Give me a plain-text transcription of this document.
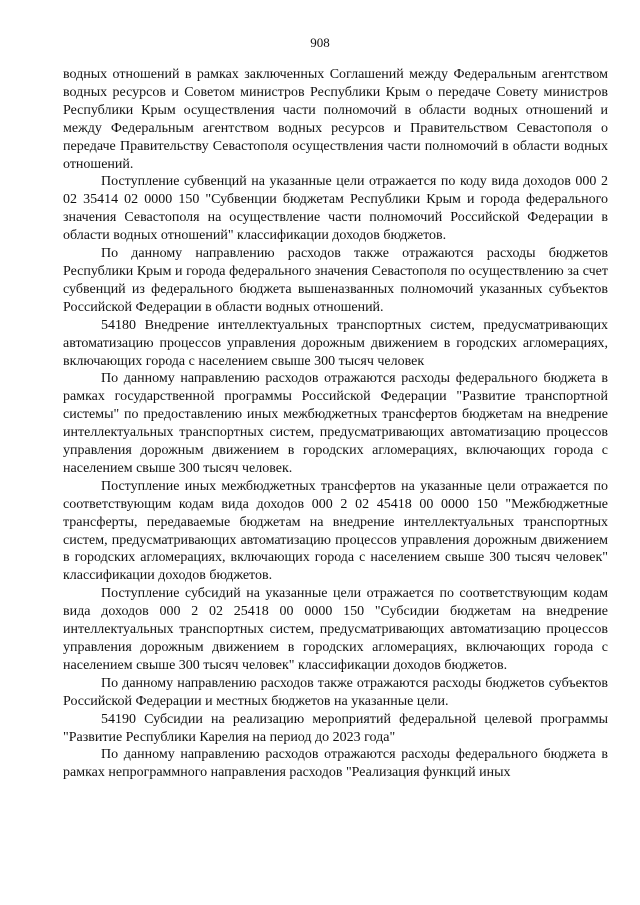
908

водных отношений в рамках заключенных Соглашений между Федеральным агентством водных ресурсов и Советом министров Республики Крым о передаче Совету министров Республики Крым осуществления части полномочий в области водных отношений и между Федеральным агентством водных ресурсов и Правительством Севастополя о передаче Правительству Севастополя осуществления части полномочий в области водных отношений.

Поступление субвенций на указанные цели отражается по коду вида доходов 000 2 02 35414 02 0000 150 "Субвенции бюджетам Республики Крым и города федерального значения Севастополя на осуществление части полномочий Российской Федерации в области водных отношений" классификации доходов бюджетов.

По данному направлению расходов также отражаются расходы бюджетов Республики Крым и города федерального значения Севастополя по осуществлению за счет субвенций из федерального бюджета вышеназванных полномочий указанных субъектов Российской Федерации в области водных отношений.

54180 Внедрение интеллектуальных транспортных систем, предусматривающих автоматизацию процессов управления дорожным движением в городских агломерациях, включающих города с населением свыше 300 тысяч человек

По данному направлению расходов отражаются расходы федерального бюджета в рамках государственной программы Российской Федерации "Развитие транспортной системы" по предоставлению иных межбюджетных трансфертов бюджетам на внедрение интеллектуальных транспортных систем, предусматривающих автоматизацию процессов управления дорожным движением в городских агломерациях, включающих города с населением свыше 300 тысяч человек.

Поступление иных межбюджетных трансфертов на указанные цели отражается по соответствующим кодам вида доходов 000 2 02 45418 00 0000 150 "Межбюджетные трансферты, передаваемые бюджетам на внедрение интеллектуальных транспортных систем, предусматривающих автоматизацию процессов управления дорожным движением в городских агломерациях, включающих города с населением свыше 300 тысяч человек" классификации доходов бюджетов.

Поступление субсидий на указанные цели отражается по соответствующим кодам вида доходов 000 2 02 25418 00 0000 150 "Субсидии бюджетам на внедрение интеллектуальных транспортных систем, предусматривающих автоматизацию процессов управления дорожным движением в городских агломерациях, включающих города с населением свыше 300 тысяч человек" классификации доходов бюджетов.

По данному направлению расходов также отражаются расходы бюджетов субъектов Российской Федерации и местных бюджетов на указанные цели.

54190 Субсидии на реализацию мероприятий федеральной целевой программы "Развитие Республики Карелия на период до 2023 года"

По данному направлению расходов отражаются расходы федерального бюджета в рамках непрограммного направления расходов "Реализация функций иных
